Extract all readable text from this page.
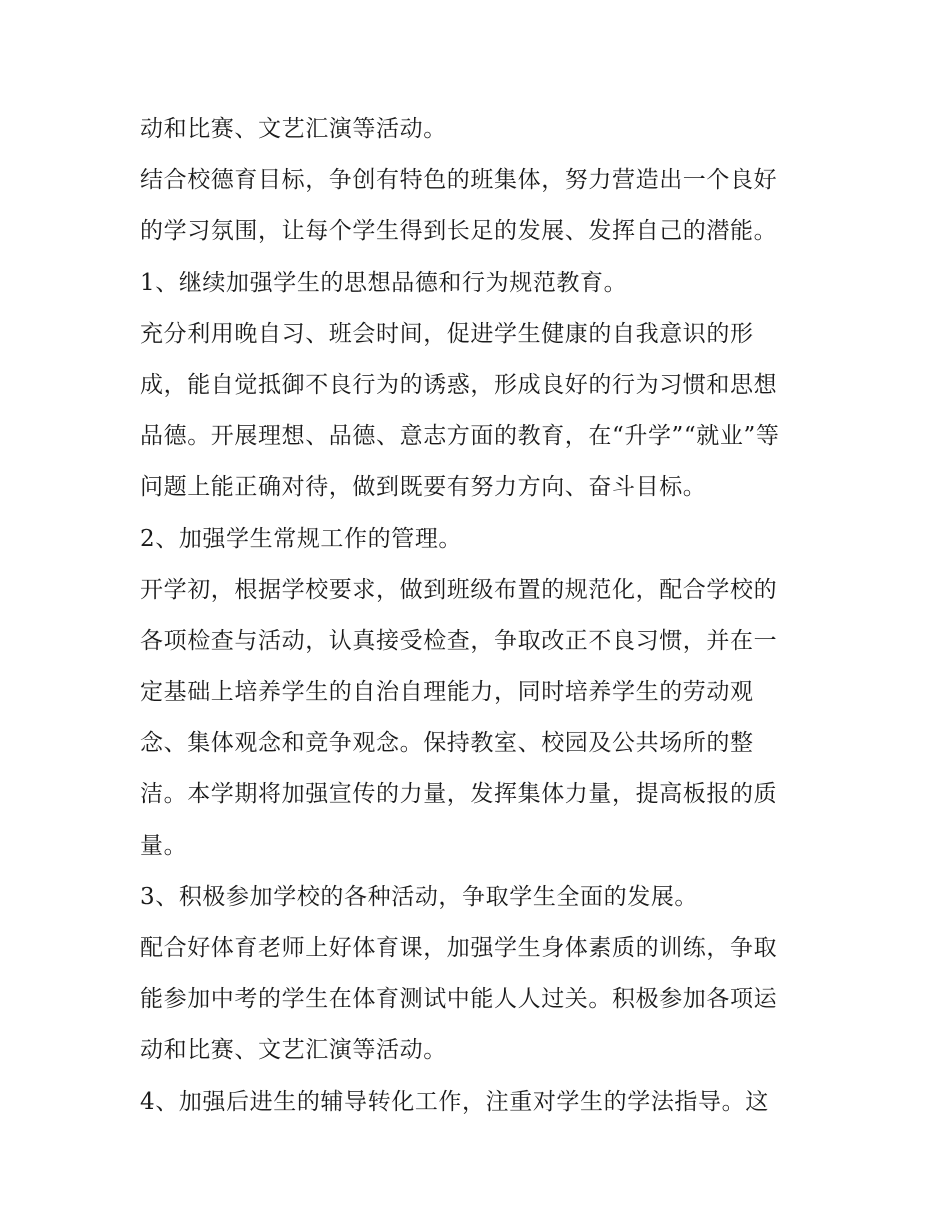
动和比赛、文艺汇演等活动。
结合校德育目标，争创有特色的班集体，努力营造出一个良好
的学习氛围，让每个学生得到长足的发展、发挥自己的潜能。
1、继续加强学生的思想品德和行为规范教育。
充分利用晚自习、班会时间，促进学生健康的自我意识的形
成，能自觉抵御不良行为的诱惑，形成良好的行为习惯和思想
品德。开展理想、品德、意志方面的教育，在“升学”“就业”等
问题上能正确对待，做到既要有努力方向、奋斗目标。
2、加强学生常规工作的管理。
开学初，根据学校要求，做到班级布置的规范化，配合学校的
各项检查与活动，认真接受检查，争取改正不良习惯，并在一
定基础上培养学生的自治自理能力，同时培养学生的劳动观
念、集体观念和竞争观念。保持教室、校园及公共场所的整
洁。本学期将加强宣传的力量，发挥集体力量，提高板报的质
量。
3、积极参加学校的各种活动，争取学生全面的发展。
配合好体育老师上好体育课，加强学生身体素质的训练，争取
能参加中考的学生在体育测试中能人人过关。积极参加各项运
动和比赛、文艺汇演等活动。
4、加强后进生的辅导转化工作，注重对学生的学法指导。这
